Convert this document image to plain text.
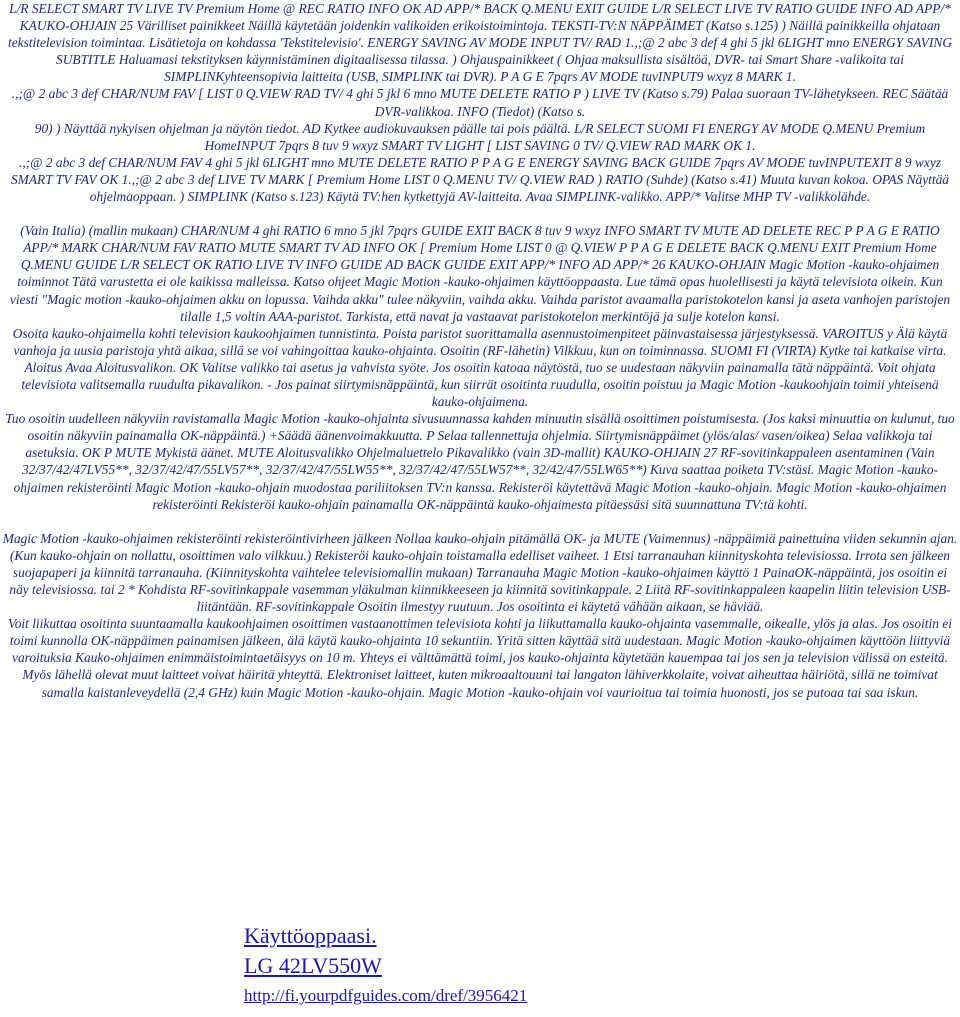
L/R SELECT SMART TV LIVE TV Premium Home @ REC RATIO INFO OK AD APP/* BACK Q.MENU EXIT GUIDE L/R SELECT LIVE TV RATIO GUIDE INFO AD APP/* KAUKO-OHJAIN 25 Värilliset painikkeet Näillä käytetään joidenkin valikoiden erikoistoimintoja. TEKSTI-TV:N NÄPPÄIMET (Katso s.125) ) Näillä painikkeilla ohjataan tekstitelevision toimintaa. Lisätietoja on kohdassa 'Tekstitelevisio'. ENERGY SAVING AV MODE INPUT TV/ RAD 1.,;@ 2 abc 3 def 4 ghi 5 jkl 6LIGHT mno ENERGY SAVING SUBTITLE Haluamasi tekstityksen käynnistäminen digitaalisessa tilassa. ) Ohjauspainikkeet ( Ohjaa maksullista sisältöä, DVR- tai Smart Share -valikoita tai SIMPLINKyhteensopivia laitteita (USB, SIMPLINK tai DVR). P A G E 7pqrs AV MODE tuvINPUT9 wxyz 8 MARK 1.

.,;@ 2 abc 3 def CHAR/NUM FAV [ LIST 0 Q.VIEW RAD TV/ 4 ghi 5 jkl 6 mno MUTE DELETE RATIO P ) LIVE TV (Katso s.79) Palaa suoraan TV-lähetykseen. REC Säätää DVR-valikkoa. INFO (Tiedot) (Katso s.

90) ) Näyttää nykyisen ohjelman ja näytön tiedot. AD Kytkee audiokuvauksen päälle tai pois päältä. L/R SELECT SUOMI FI ENERGY AV MODE Q.MENU Premium HomeINPUT 7pqrs 8 tuv 9 wxyz SMART TV LIGHT [ LIST SAVING 0 TV/ Q.VIEW RAD MARK OK 1.

.,;@ 2 abc 3 def CHAR/NUM FAV 4 ghi 5 jkl 6LIGHT mno MUTE DELETE RATIO P P A G E ENERGY SAVING BACK GUIDE 7pqrs AV MODE tuvINPUTEXIT 8 9 wxyz SMART TV FAV OK 1.,;@ 2 abc 3 def LIVE TV MARK [ Premium Home LIST 0 Q.MENU TV/ Q.VIEW RAD ) RATIO (Suhde) (Katso s.41) Muuta kuvan kokoa. OPAS Näyttää ohjelmaoppaan. ) SIMPLINK (Katso s.123) Käytä TV:hen kytkettyjä AV-laitteita. Avaa SIMPLINK-valikko. APP/* Valitse MHP TV -valikkolähde.

(Vain Italia) (mallin mukaan) CHAR/NUM 4 ghi RATIO 6 mno 5 jkl 7pqrs GUIDE EXIT BACK 8 tuv 9 wxyz INFO SMART TV MUTE AD DELETE REC P P A G E RATIO APP/* MARK CHAR/NUM FAV RATIO MUTE SMART TV AD INFO OK [ Premium Home LIST 0 @ Q.VIEW P P A G E DELETE BACK Q.MENU EXIT Premium Home Q.MENU GUIDE L/R SELECT OK RATIO LIVE TV INFO GUIDE AD BACK GUIDE EXIT APP/* INFO AD APP/* 26 KAUKO-OHJAIN Magic Motion -kauko-ohjaimen toiminnot Tätä varustetta ei ole kaikissa malleissa. Katso ohjeet Magic Motion -kauko-ohjaimen käyttöoppaasta. Lue tämä opas huolellisesti ja käytä televisiota oikein. Kun viesti "Magic motion -kauko-ohjaimen akku on lopussa. Vaihda akku" tulee näkyviin, vaihda akku. Vaihda paristot avaamalla paristokotelon kansi ja aseta vanhojen paristojen tilalle 1,5 voltin AAA-paristot. Tarkista, että navat ja vastaavat paristokotelon merkintöjä ja sulje kotelon kansi.

Osoita kauko-ohjaimella kohti television kaukoohjaimen tunnistinta. Poista paristot suorittamalla asennustoimenpiteet päinvastaisessa järjestyksessä. VAROITUS y Älä käytä vanhoja ja uusia paristoja yhtä aikaa, sillä se voi vahingoittaa kauko-ohjainta. Osoitin (RF-lähetin) Vilkkuu, kun on toiminnassa. SUOMI FI (VIRTA) Kytke tai katkaise virta.

Aloitus Avaa Aloitusvalikon. OK Valitse valikko tai asetus ja vahvista syöte. Jos osoitin katoaa näytöstä, tuo se uudestaan näkyviin painamalla tätä näppäintä. Voit ohjata televisiota valitsemalla ruudulta pikavalikon. - Jos painat siirtymisnäppäintä, kun siirrät osoitinta ruudulla, osoitin poistuu ja Magic Motion -kaukoohjain toimii yhteisenä kauko-ohjaimena.

Tuo osoitin uudelleen näkyviin ravistamalla Magic Motion -kauko-ohjainta sivusuunnassa kahden minuutin sisällä osoittimen poistumisesta. (Jos kaksi minuuttia on kulunut, tuo osoitin näkyviin painamalla OK-näppäintä.) +Säädä äänenvoimakkuutta. P Selaa tallennettuja ohjelmia. Siirtymisnäppäimet (ylös/alas/ vasen/oikea) Selaa valikkoja tai asetuksia. OK P MUTE Mykistä äänet. MUTE Aloitusvalikko Ohjelmaluettelo Pikavalikko (vain 3D-mallit) KAUKO-OHJAIN 27 RF-sovitinkappaleen asentaminen (Vain 32/37/42/47LV55**, 32/37/42/47/55LV57**, 32/37/42/47/55LW55**, 32/37/42/47/55LW57**, 32/42/47/55LW65**) Kuva saattaa poiketa TV:stäsi. Magic Motion -kauko-ohjaimen rekisteröinti Magic Motion -kauko-ohjain muodostaa pariliitoksen TV:n kanssa. Rekisteröi käytettävä Magic Motion -kauko-ohjain. Magic Motion -kauko-ohjaimen rekisteröinti Rekisteröi kauko-ohjain painamalla OK-näppäintä kauko-ohjaimesta pitäessäsi sitä suunnattuna TV:tä kohti.

Magic Motion -kauko-ohjaimen rekisteröinti rekisteröintivirheen jälkeen Nollaa kauko-ohjain pitämällä OK- ja MUTE (Vaimennus) -näppäimiä painettuina viiden sekunnin ajan. (Kun kauko-ohjain on nollattu, osoittimen valo vilkkuu.) Rekisteröi kauko-ohjain toistamalla edelliset vaiheet. 1 Etsi tarranauhan kiinnityskohta televisiossa. Irrota sen jälkeen suojapaperi ja kiinnitä tarranauha. (Kiinnityskohta vaihtelee televisiomallin mukaan) Tarranauha Magic Motion -kauko-ohjaimen käyttö 1 PainaOK-näppäintä, jos osoitin ei näy televisiossa. tai 2 * Kohdista RF-sovitinkappale vasemman yläkulman kiinnikkeeseen ja kiinnitä sovitinkappale. 2 Liitä RF-sovitinkappaleen kaapelin liitin television USB-liitäntään. RF-sovitinkappale Osoitin ilmestyy ruutuun. Jos osoitinta ei käytetä vähään aikaan, se häviää.

Voit liikuttaa osoitinta suuntaamalla kaukoohjaimen osoittimen vastaanottimen televisiota kohti ja liikuttamalla kauko-ohjainta vasemmalle, oikealle, ylös ja alas. Jos osoitin ei toimi kunnolla OK-näppäimen painamisen jälkeen, älä käytä kauko-ohjainta 10 sekuntiin. Yritä sitten käyttää sitä uudestaan. Magic Motion -kauko-ohjaimen käyttöön liittyviä varoituksia Kauko-ohjaimen enimmäistoimintaetäisyys on 10 m. Yhteys ei välttämättä toimi, jos kauko-ohjainta käytetään kauempaa tai jos sen ja television välissä on esteitä.

Myös lähellä olevat muut laitteet voivat häiritä yhteyttä. Elektroniset laitteet, kuten mikroaaltouuni tai langaton lähiverkkolaite, voivat aiheuttaa häiriötä, sillä ne toimivat samalla kaistanleveydellä (2,4 GHz) kuin Magic Motion -kauko-ohjain. Magic Motion -kauko-ohjain voi vaurioitua tai toimia huonosti, jos se putoaa tai saa iskun.

Käyttöoppaasi.
LG 42LV550W
http://fi.yourpdfguides.com/dref/3956421
